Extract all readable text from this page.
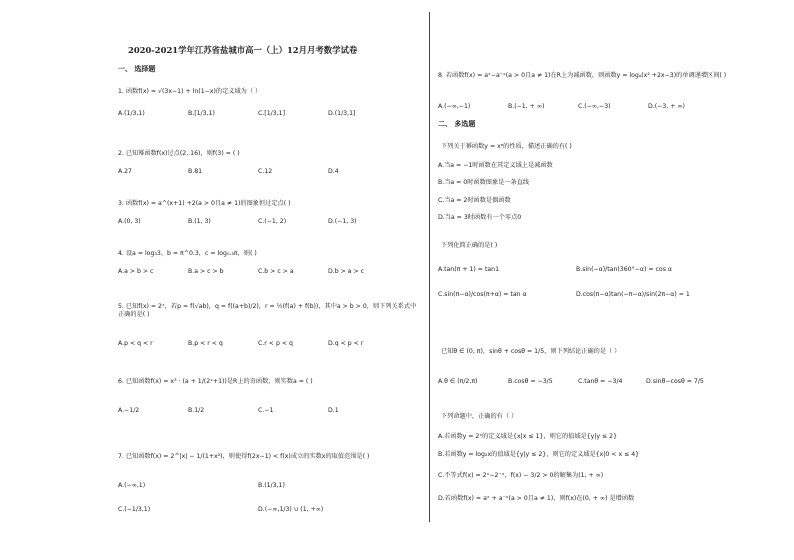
2020-2021学年江苏省盐城市高一（上）12月月考数学试卷
一、 选择题
1. 函数f(x) = √(3x−1) + ln(1−x)的定义域为（ ）
A.(1/3,1)	B.[1/3,1)	C.[1/3,1]	D.(1/3,1]
2. 已知幂函数f(x)过点(2, 16)，则f(3) = ( )
A.27	B.81	C.12	D.4
3. 函数f(x) = a^(x+1) +2(a > 0且a ≠ 1)的图象恒过定点( )
A.(0, 3)	B.(1, 3)	C.(−1, 2)	D.(−1, 3)
4. 设a = log₃3，b = π^0.3，c = log₀.₃π，则( )
A.a > b > c	B.a > c > b	C.b > c > a	D.b > a > c
5. 已知f(x) = 2ˣ，若p = f(√ab)，q = f((a+b)/2)，r = ½(f(a) + f(b))，其中a > b > 0，则下列关系式中正确的是( )
A.p < q < r	B.p < r < q	C.r < p < q	D.q < p < r
6. 已知函数f(x) = x³ · (a + 1/(2ˣ+1))是R上的奇函数，则实数a = ( )
A.−1/2	B.1/2	C.−1	D.1
7. 已知函数f(x) = 2^|x| − 1/(1+x²)，则使得f(2x−1) < f(x)成立的实数x的取值范围是( )
A.(−∞,1)	B.(1/3,1)
C.(−1/3,1)	D.(−∞,1/3) ∪ (1, +∞)
8. 若函数f(x) = aˣ−a⁻ˣ(a > 0且a ≠ 1)在R上为减函数，则函数y = logₐ(x² +2x−3)的单调递增区间( )
A.(−∞,−1)	B.(−1, + ∞)	C.(−∞,−3)	D.(−3, + ∞)
二、 多选题
下列关于幂函数y = xᵃ的性质，描述正确的有( )
A.当a = −1时函数在其定义域上是减函数
B.当a = 0时函数图象是一条直线
C.当a = 2时函数是偶函数
D.当a = 3时函数有一个零点0
下列化简正确的是( )
A.tan(π + 1) = tan1	B.sin(−α)/tan(360°−α) = cos α
C.sin(π−α)/cos(π+α) = tan α	D.cos(π−α)tan(−π−α)/sin(2π−α) = 1
已知θ ∈ (0, π)，sinθ + cosθ = 1/5，则下列结论正确的是（ ）
A.θ ∈ (π/2,π)	B.cosθ = −3/5	C.tanθ = −3/4	D.sinθ−cosθ = 7/5
下列命题中，正确的有（ ）
A.若函数y = 2ˣ的定义域是{x|x ≤ 1}，则它的值域是{y|y ≤ 2}
B.若函数y = log₂x的值域是{y|y ≤ 2}，则它的定义域是{x|0 < x ≤ 4}
C.不等式f(x) = 2ˣ−2⁻ˣ，f(x) − 3/2 > 0的解集为(1, + ∞)
D.若函数f(x) = aˣ + a⁻ˣ(a > 0且a ≠ 1)，则f(x)在(0, + ∞) 是增函数
